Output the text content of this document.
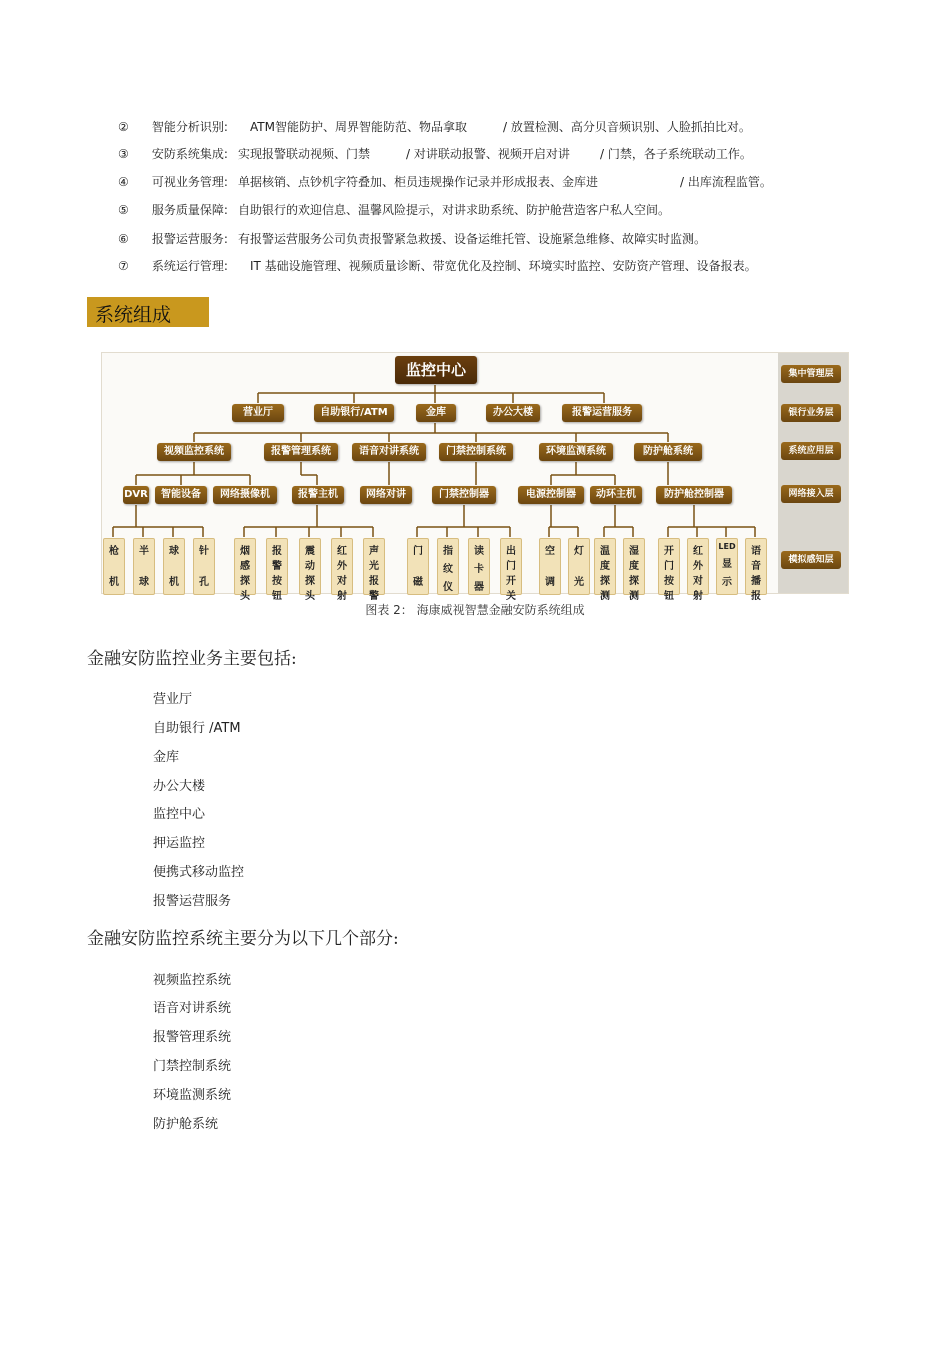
② 智能分析识别: ATM智能防护、周界智能防范、物品拿取	/ 放置检测、高分贝音频识别、人脸抓拍比对。
③ 安防系统集成: 实现报警联动视频、门禁	/ 对讲联动报警、视频开启对讲	/ 门禁，各子系统联动工作。
④ 可视业务管理: 单据核销、点钞机字符叠加、柜员违规操作记录并形成报表、金库进	/ 出库流程监管。
⑤ 服务质量保障: 自助银行的欢迎信息、温馨风险提示，对讲求助系统、防护舱营造客户私人空间。
⑥ 报警运营服务: 有报警运营服务公司负责报警紧急救援、设备运维托管、设施紧急维修、故障实时监测。
⑦ 系统运行管理: IT 基础设施管理、视频质量诊断、带宽优化及控制、环境实时监控、安防资产管理、设备报表。
系统组成
监控中心
营业厅	自助银行/ATM	金库	办公大楼	报警运营服务
视频监控系统	报警管理系统	语音对讲系统	门禁控制系统	环境监测系统	防护舱系统
DVR	智能设备	网络摄像机	报警主机	网络对讲	门禁控制器	电源控制器	动环主机	防护舱控制器
枪
机
半
球
球
机
针
孔
烟
感
探
头
报
警
按
钮
震
动
探
头
红
外
对
射
声
光
报
警
门
磁
指
纹
仪
读
卡
器
出
门
开
关
空
调
灯
光
温
度
探
测
湿
度
探
测
开
门
按
钮
红
外
对
射
LED
显
示
语
音
播
报
集中管理层
银行业务层
系统应用层
网络接入层
模拟感知层
图表 2： 海康威视智慧金融安防系统组成
金融安防监控业务主要包括:
营业厅
自助银行 /ATM
金库
办公大楼
监控中心
押运监控
便携式移动监控
报警运营服务
金融安防监控系统主要分为以下几个部分:
视频监控系统
语音对讲系统
报警管理系统
门禁控制系统
环境监测系统
防护舱系统
